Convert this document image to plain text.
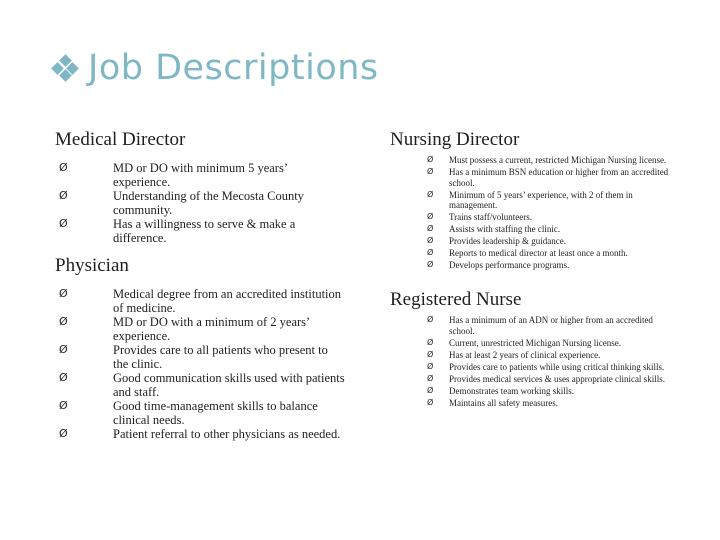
Job Descriptions
Medical Director
Ø	MD or DO with minimum 5 years’ experience.
Ø	Understanding of the Mecosta County community.
Ø	Has a willingness to serve & make a difference.
Physician
Ø	Medical degree from an accredited institution of medicine.
Ø	MD or DO with a minimum of 2 years’ experience.
Ø	Provides care to all patients who present to the clinic.
Ø	Good communication skills used with patients and staff.
Ø	Good time-management skills to balance clinical needs.
Ø	Patient referral to other physicians as needed.
Nursing Director
Ø Must possess a current, restricted Michigan Nursing license.
Ø Has a minimum BSN education or higher from an accredited school.
Ø Minimum of 5 years’ experience, with 2 of them in management.
Ø Trains staff/volunteers.
Ø Assists with staffing the clinic.
Ø Provides leadership & guidance.
Ø Reports to medical director at least once a month.
Ø Develops performance programs.
Registered Nurse
Ø Has a minimum of an ADN or higher from an accredited school.
Ø Current, unrestricted Michigan Nursing license.
Ø Has at least 2 years of clinical experience.
Ø Provides care to patients while using critical thinking skills.
Ø Provides medical services & uses appropriate clinical skills.
Ø Demonstrates team working skills.
Ø Maintains all safety measures.
